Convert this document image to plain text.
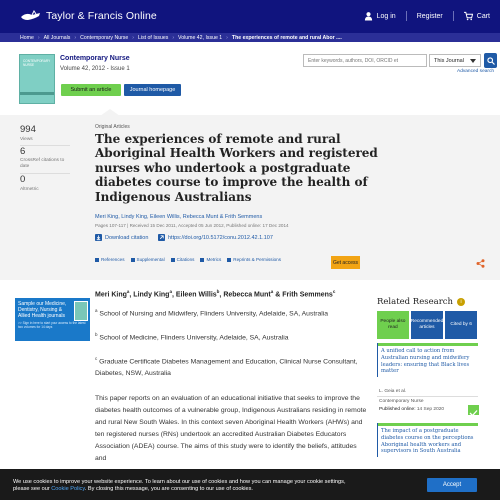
Taylor & Francis Online	Log in	Register	Cart
Home › All Journals › Contemporary Nurse › List of Issues › Volume 42, Issue 1 › The experiences of remote and rural Abor ....
CONTEMPORARY NURSE
Contemporary Nurse
Volume 42, 2012 - Issue 1
Submit an article	Journal homepage
Enter keywords, authors, DOI, ORCID et
This Journal
Advanced search
994
Views
6
CrossRef citations to date
0
Altmetric
Original Articles
The experiences of remote and rural Aboriginal Health Workers and registered nurses who undertook a postgraduate diabetes course to improve the health of Indigenous Australians
Meri King, Lindy King, Eileen Willis, Rebecca Munt & Frith Semmens
Pages 107-117 | Received 15 Dec 2011, Accepted 05 Jun 2012, Published online: 17 Dec 2014
Download citation	https://doi.org/10.5172/conu.2012.42.1.107
References	Supplemental	Citations	Metrics	Reprints & Permissions	Get access
Sample our Medicine, Dentistry, Nursing & Allied Health journals
>> Sign in here to start your access to the latest two volumes for 14 days
Meri King$^a$, Lindy King$^a$, Eileen Willis$^b$, Rebecca Munt$^a$ & Frith Semmens$^c$
$^a$ School of Nursing and Midwifery, Flinders University, Adelaide, SA, Australia
$^b$ School of Medicine, Flinders University, Adelaide, SA, Australia
$^c$ Graduate Certificate Diabetes Management and Education, Clinical Nurse Consultant, Diabetes, NSW, Australia
This paper reports on an evaluation of an educational initiative that seeks to improve the diabetes health outcomes of a vulnerable group, Indigenous Australians residing in remote and rural New South Wales. In this context seven Aboriginal Health Workers (AHWs) and ten registered nurses (RNs) undertook an accredited Australian Diabetes Educators Association (ADEA) course. The aims of this study were to identify the beliefs, attitudes and
Related Research	i
People also read
Recommended articles
Cited by 6
A unified call to action from Australian nursing and midwifery leaders: ensuring that Black lives matter
L. Geia et al.
Contemporary Nurse
Published online: 14 Sep 2020
The impact of a postgraduate diabetes course on the perceptions Aboriginal health workers and supervisors in South Australia
We use cookies to improve your website experience. To learn about our use of cookies and how you can manage your cookie settings,
please see our Cookie Policy. By closing this message, you are consenting to our use of cookies.
Accept
